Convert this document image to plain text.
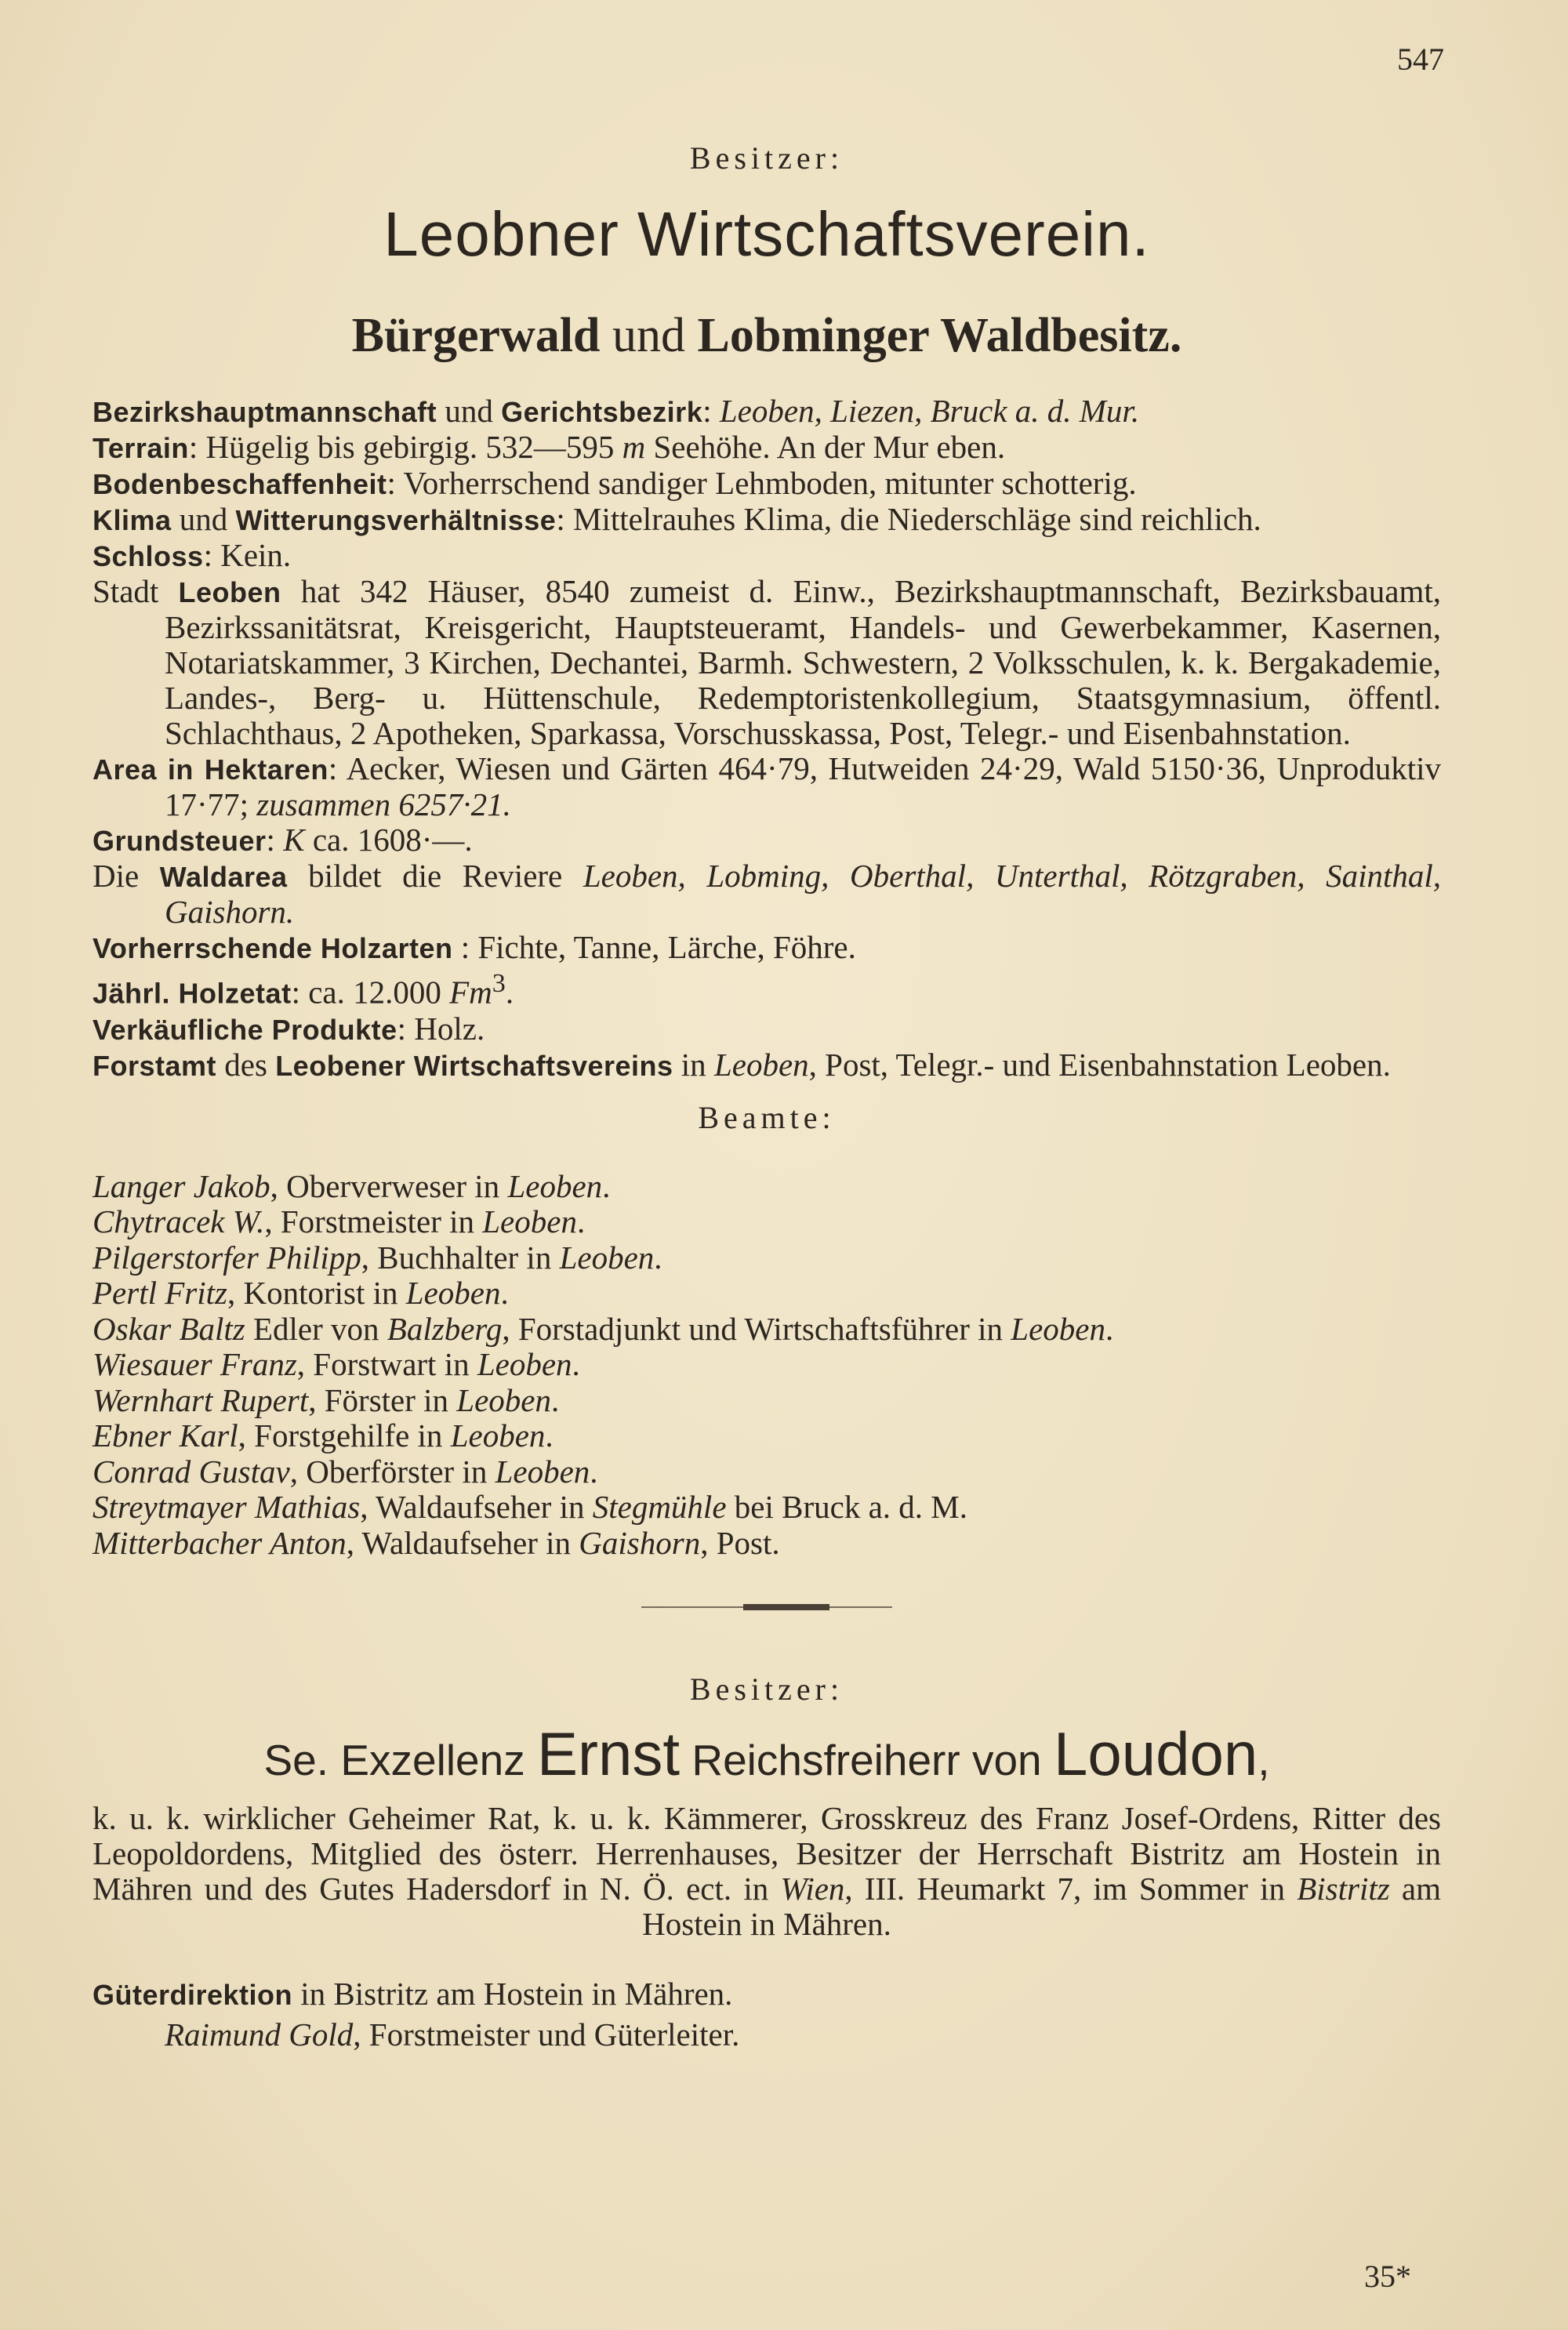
547
Besitzer:
Leobner Wirtschaftsverein.
Bürgerwald und Lobminger Waldbesitz.
Bezirkshauptmannschaft und Gerichtsbezirk: Leoben, Liezen, Bruck a. d. Mur.
Terrain: Hügelig bis gebirgig. 532—595 m Seehöhe. An der Mur eben.
Bodenbeschaffenheit: Vorherrschend sandiger Lehmboden, mitunter schotterig.
Klima und Witterungsverhältnisse: Mittelrauhes Klima, die Niederschläge sind reichlich.
Schloss: Kein.
Stadt Leoben hat 342 Häuser, 8540 zumeist d. Einw., Bezirkshauptmannschaft, Bezirksbauamt, Bezirkssanitätsrat, Kreisgericht, Hauptsteueramt, Handels- und Gewerbekammer, Kasernen, Notariatskammer, 3 Kirchen, Dechantei, Barmh. Schwestern, 2 Volksschulen, k. k. Bergakademie, Landes-, Berg- u. Hüttenschule, Redemptoristenkollegium, Staatsgymnasium, öffentl. Schlachthaus, 2 Apotheken, Sparkassa, Vorschusskassa, Post, Telegr.- und Eisenbahnstation.
Area in Hektaren: Aecker, Wiesen und Gärten 464·79, Hutweiden 24·29, Wald 5150·36, Unproduktiv 17·77; zusammen 6257·21.
Grundsteuer: K ca. 1608·—.
Die Waldarea bildet die Reviere Leoben, Lobming, Oberthal, Unterthal, Rötzgraben, Sainthal, Gaishorn.
Vorherrschende Holzarten : Fichte, Tanne, Lärche, Föhre.
Jährl. Holzetat: ca. 12.000 Fm$^3$.
Verkäufliche Produkte: Holz.
Forstamt des Leobener Wirtschaftsvereins in Leoben, Post, Telegr.- und Eisenbahnstation Leoben.
Beamte:
Langer Jakob, Oberverweser in Leoben.
Chytracek W., Forstmeister in Leoben.
Pilgerstorfer Philipp, Buchhalter in Leoben.
Pertl Fritz, Kontorist in Leoben.
Oskar Baltz Edler von Balzberg, Forstadjunkt und Wirtschaftsführer in Leoben.
Wiesauer Franz, Forstwart in Leoben.
Wernhart Rupert, Förster in Leoben.
Ebner Karl, Forstgehilfe in Leoben.
Conrad Gustav, Oberförster in Leoben.
Streytmayer Mathias, Waldaufseher in Stegmühle bei Bruck a. d. M.
Mitterbacher Anton, Waldaufseher in Gaishorn, Post.
Besitzer:
Se. Exzellenz Ernst Reichsfreiherr von Loudon,
k. u. k. wirklicher Geheimer Rat, k. u. k. Kämmerer, Grosskreuz des Franz Josef-Ordens, Ritter des Leopoldordens, Mitglied des österr. Herrenhauses, Besitzer der Herrschaft Bistritz am Hostein in Mähren und des Gutes Hadersdorf in N. Ö. ect. in Wien, III. Heumarkt 7, im Sommer in Bistritz am Hostein in Mähren.
Güterdirektion in Bistritz am Hostein in Mähren.
Raimund Gold, Forstmeister und Güterleiter.
35*
